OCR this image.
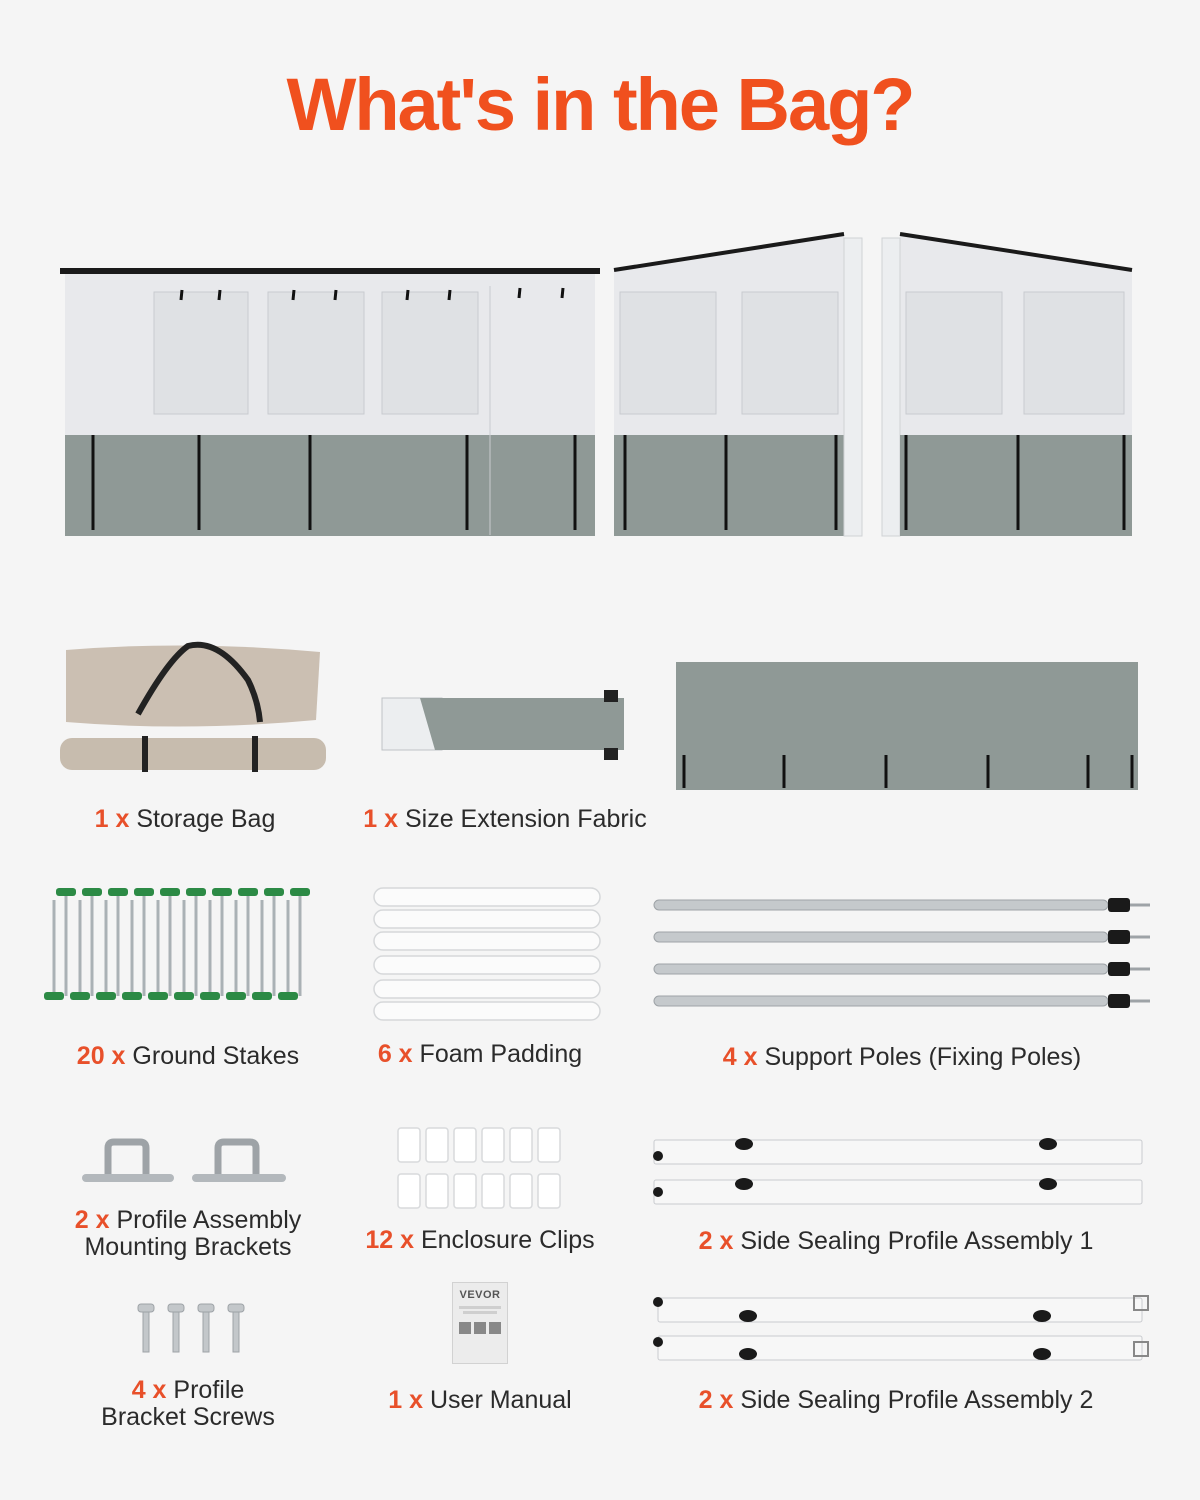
What's in the Bag?
1 x Storage Bag	1 x Size Extension Fabric
20 x Ground Stakes	6 x Foam Padding	4 x Support Poles (Fixing Poles)
2 x Profile Assembly
Mounting Brackets	12 x Enclosure Clips	2 x Side Sealing Profile Assembly 1
VEVOR
4 x Profile
Bracket Screws
1 x User Manual	2 x Side Sealing Profile Assembly 2
